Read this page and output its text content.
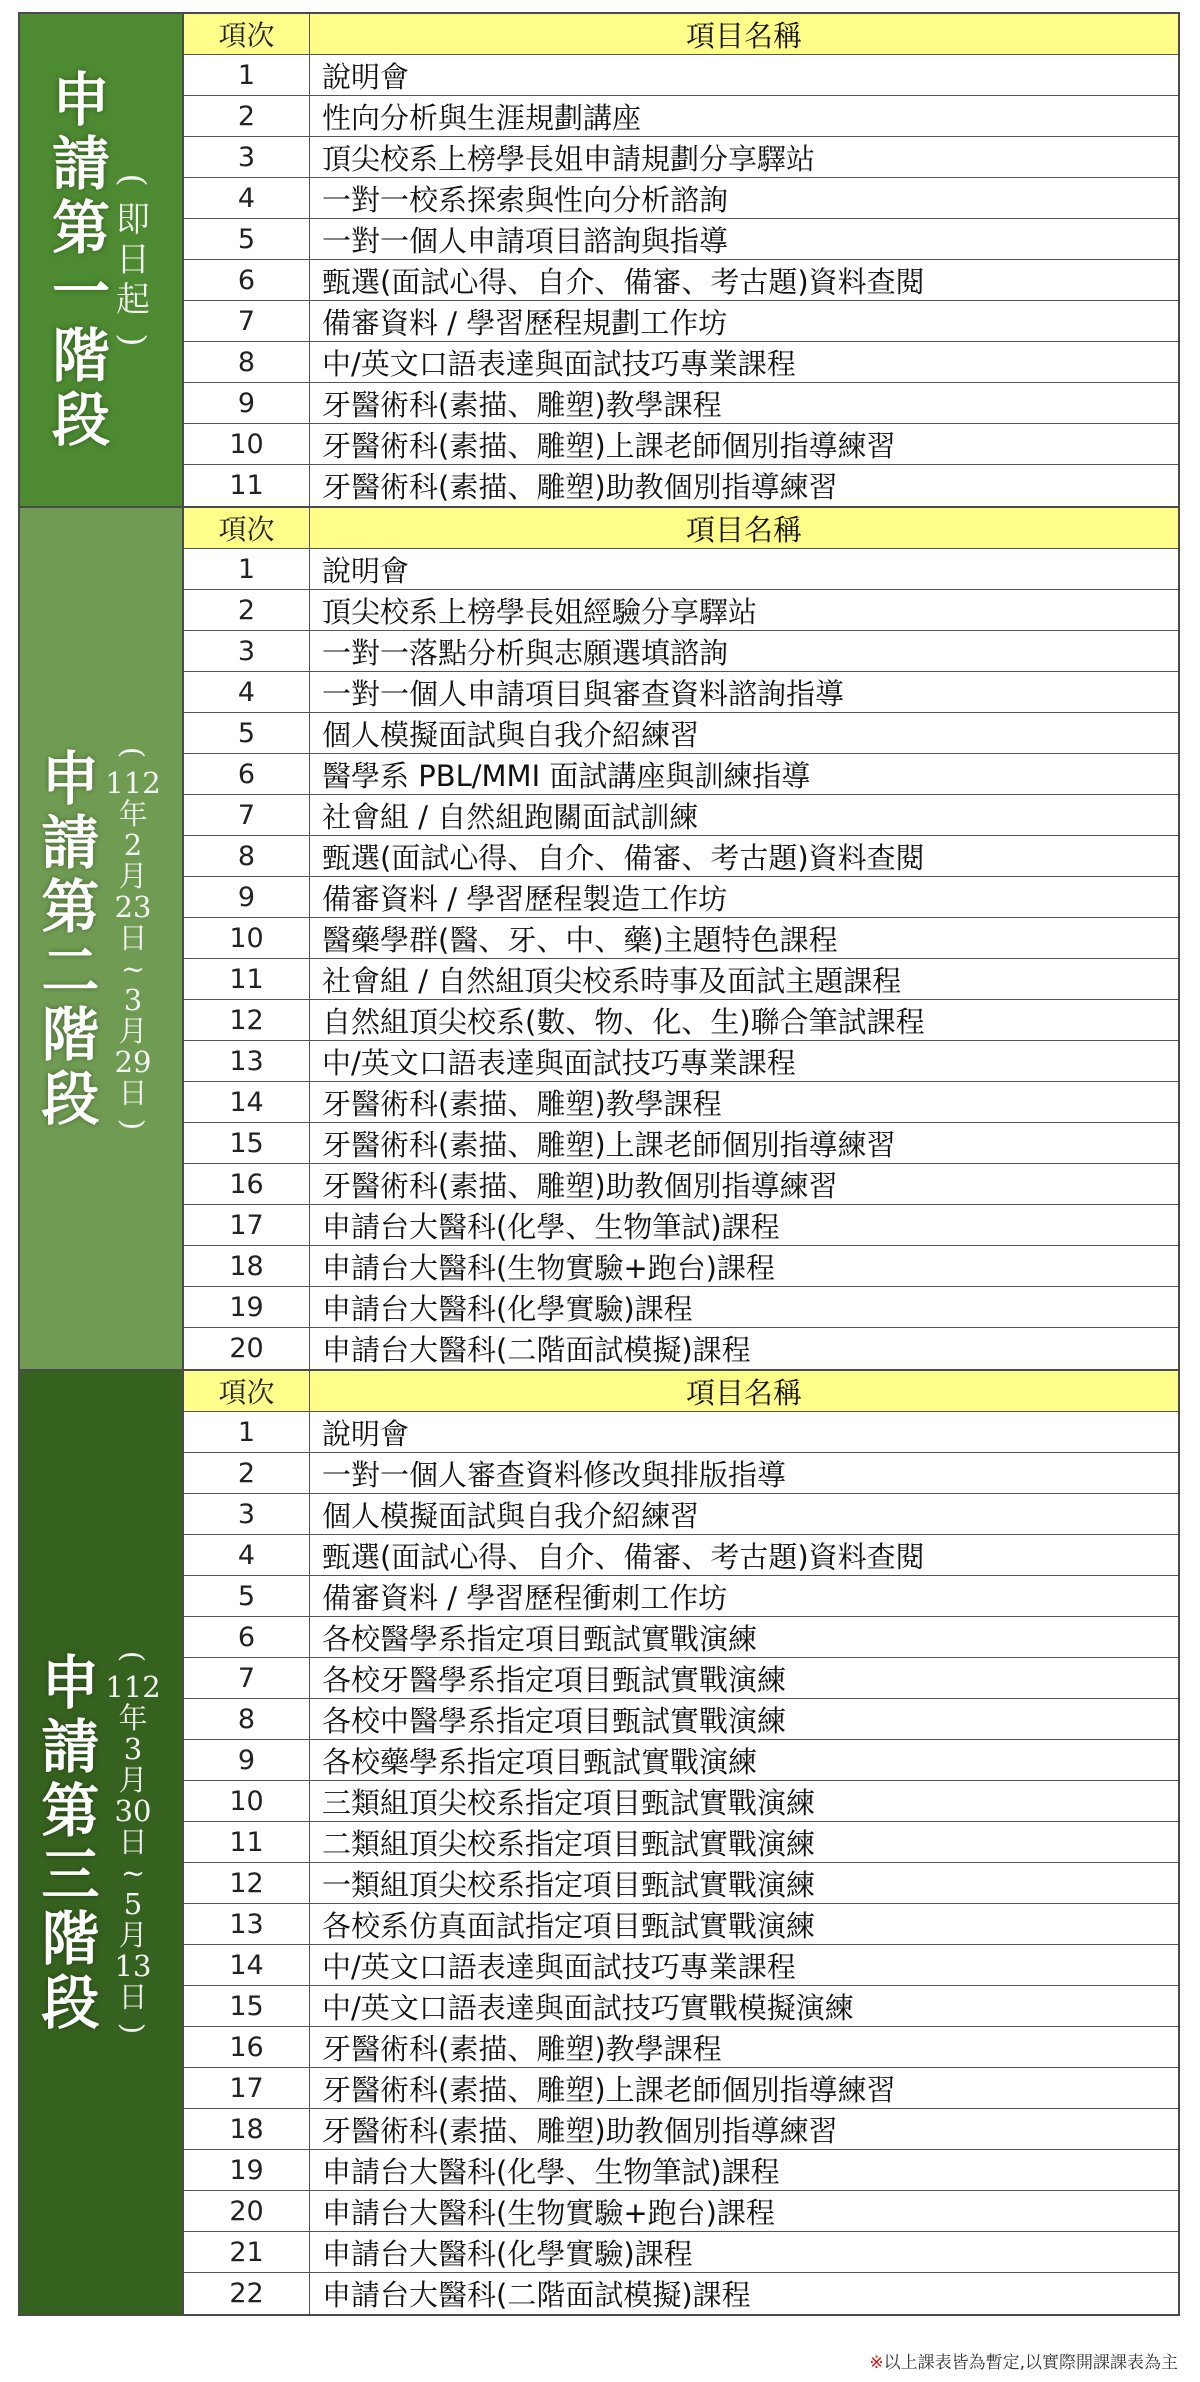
申
請
第
一
階
段
(
即
日
起
)
項次	項目名稱
1	說明會
2	性向分析與生涯規劃講座
3	頂尖校系上榜學長姐申請規劃分享驛站
4	一對一校系探索與性向分析諮詢
5	一對一個人申請項目諮詢與指導
6	甄選(面試心得、自介、備審、考古題)資料查閱
7	備審資料 / 學習歷程規劃工作坊
8	中/英文口語表達與面試技巧專業課程
9	牙醫術科(素描、雕塑)教學課程
10	牙醫術科(素描、雕塑)上課老師個別指導練習
11	牙醫術科(素描、雕塑)助教個別指導練習
申
請
第
二
階
段
(
112
年
2
月
23
日
~
3
月
29
日
)
項次	項目名稱
1	說明會
2	頂尖校系上榜學長姐經驗分享驛站
3	一對一落點分析與志願選填諮詢
4	一對一個人申請項目與審查資料諮詢指導
5	個人模擬面試與自我介紹練習
6	醫學系 PBL/MMI 面試講座與訓練指導
7	社會組 / 自然組跑關面試訓練
8	甄選(面試心得、自介、備審、考古題)資料查閱
9	備審資料 / 學習歷程製造工作坊
10	醫藥學群(醫、牙、中、藥)主題特色課程
11	社會組 / 自然組頂尖校系時事及面試主題課程
12	自然組頂尖校系(數、物、化、生)聯合筆試課程
13	中/英文口語表達與面試技巧專業課程
14	牙醫術科(素描、雕塑)教學課程
15	牙醫術科(素描、雕塑)上課老師個別指導練習
16	牙醫術科(素描、雕塑)助教個別指導練習
17	申請台大醫科(化學、生物筆試)課程
18	申請台大醫科(生物實驗+跑台)課程
19	申請台大醫科(化學實驗)課程
20	申請台大醫科(二階面試模擬)課程
申
請
第
三
階
段
(
112
年
3
月
30
日
~
5
月
13
日
)
項次	項目名稱
1	說明會
2	一對一個人審查資料修改與排版指導
3	個人模擬面試與自我介紹練習
4	甄選(面試心得、自介、備審、考古題)資料查閱
5	備審資料 / 學習歷程衝刺工作坊
6	各校醫學系指定項目甄試實戰演練
7	各校牙醫學系指定項目甄試實戰演練
8	各校中醫學系指定項目甄試實戰演練
9	各校藥學系指定項目甄試實戰演練
10	三類組頂尖校系指定項目甄試實戰演練
11	二類組頂尖校系指定項目甄試實戰演練
12	一類組頂尖校系指定項目甄試實戰演練
13	各校系仿真面試指定項目甄試實戰演練
14	中/英文口語表達與面試技巧專業課程
15	中/英文口語表達與面試技巧實戰模擬演練
16	牙醫術科(素描、雕塑)教學課程
17	牙醫術科(素描、雕塑)上課老師個別指導練習
18	牙醫術科(素描、雕塑)助教個別指導練習
19	申請台大醫科(化學、生物筆試)課程
20	申請台大醫科(生物實驗+跑台)課程
21	申請台大醫科(化學實驗)課程
22	申請台大醫科(二階面試模擬)課程
※以上課表皆為暫定,以實際開課課表為主
